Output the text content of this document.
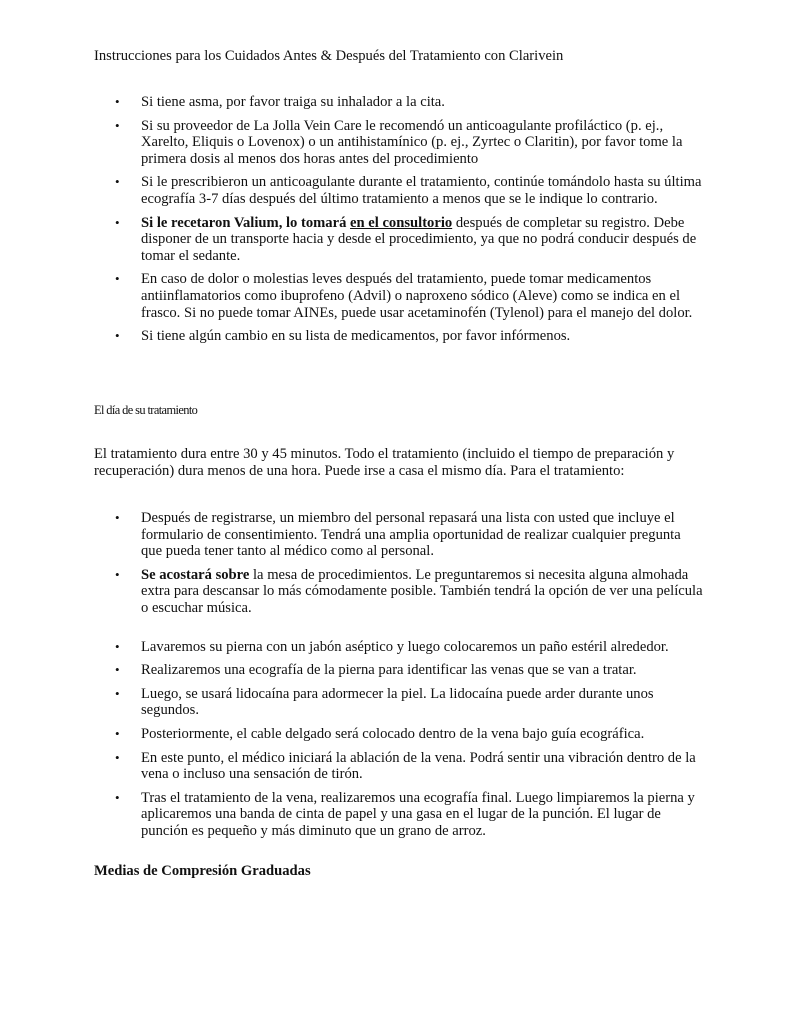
Instrucciones para los Cuidados Antes & Después del Tratamiento con Clarivein
• Si tiene asma, por favor traiga su inhalador a la cita.
• Si su proveedor de La Jolla Vein Care le recomendó un anticoagulante profiláctico (p. ej., Xarelto, Eliquis o Lovenox) o un antihistamínico (p. ej., Zyrtec o Claritin), por favor tome la primera dosis al menos dos horas antes del procedimiento
• Si le prescribieron un anticoagulante durante el tratamiento, continúe tomándolo hasta su última ecografía 3-7 días después del último tratamiento a menos que se le indique lo contrario.
• Si le recetaron Valium, lo tomará en el consultorio después de completar su registro. Debe disponer de un transporte hacia y desde el procedimiento, ya que no podrá conducir después de tomar el sedante.
• En caso de dolor o molestias leves después del tratamiento, puede tomar medicamentos antiinflamatorios como ibuprofeno (Advil) o naproxeno sódico (Aleve) como se indica en el frasco. Si no puede tomar AINEs, puede usar acetaminofén (Tylenol) para el manejo del dolor.
• Si tiene algún cambio en su lista de medicamentos, por favor infórmenos.
El día de su tratamiento
El tratamiento dura entre 30 y 45 minutos. Todo el tratamiento (incluido el tiempo de preparación y recuperación) dura menos de una hora. Puede irse a casa el mismo día. Para el tratamiento:
• Después de registrarse, un miembro del personal repasará una lista con usted que incluye el formulario de consentimiento. Tendrá una amplia oportunidad de realizar cualquier pregunta que pueda tener tanto al médico como al personal.
• Se acostará sobre la mesa de procedimientos. Le preguntaremos si necesita alguna almohada extra para descansar lo más cómodamente posible. También tendrá la opción de ver una película o escuchar música.
• Lavaremos su pierna con un jabón aséptico y luego colocaremos un paño estéril alrededor.
• Realizaremos una ecografía de la pierna para identificar las venas que se van a tratar.
• Luego, se usará lidocaína para adormecer la piel. La lidocaína puede arder durante unos segundos.
• Posteriormente, el cable delgado será colocado dentro de la vena bajo guía ecográfica.
• En este punto, el médico iniciará la ablación de la vena. Podrá sentir una vibración dentro de la vena o incluso una sensación de tirón.
• Tras el tratamiento de la vena, realizaremos una ecografía final. Luego limpiaremos la pierna y aplicaremos una banda de cinta de papel y una gasa en el lugar de la punción. El lugar de punción es pequeño y más diminuto que un grano de arroz.
Medias de Compresión Graduadas
